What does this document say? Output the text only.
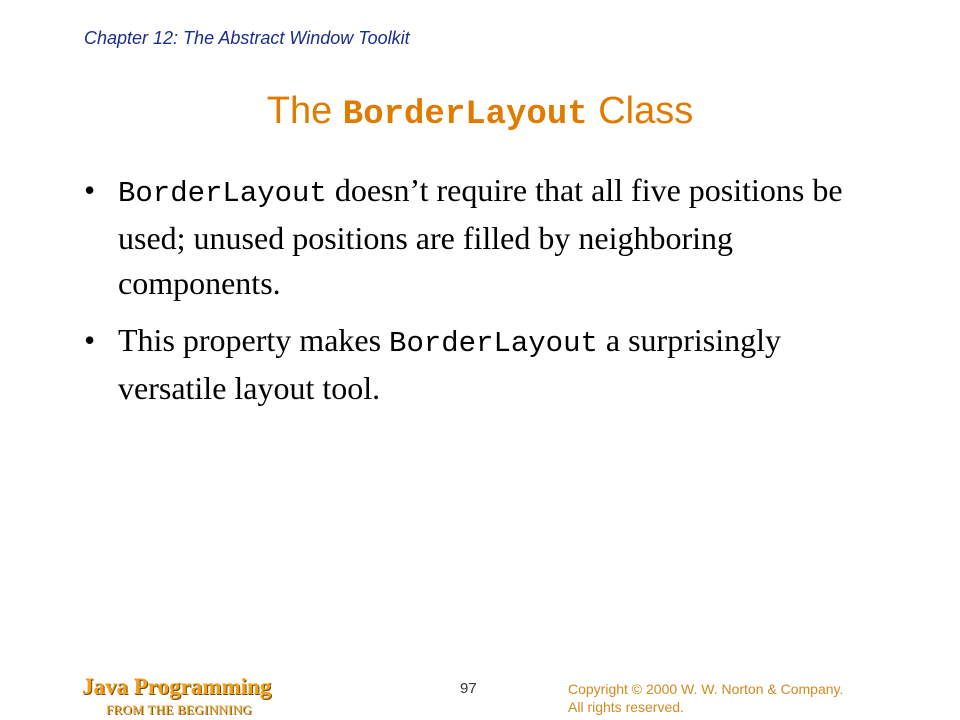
Chapter 12: The Abstract Window Toolkit
The BorderLayout Class
• BorderLayout doesn’t require that all five positions be used; unused positions are filled by neighboring components.
• This property makes BorderLayout a surprisingly versatile layout tool.
Java Programming
FROM THE BEGINNING
97	Copyright © 2000 W. W. Norton & Company.
All rights reserved.
